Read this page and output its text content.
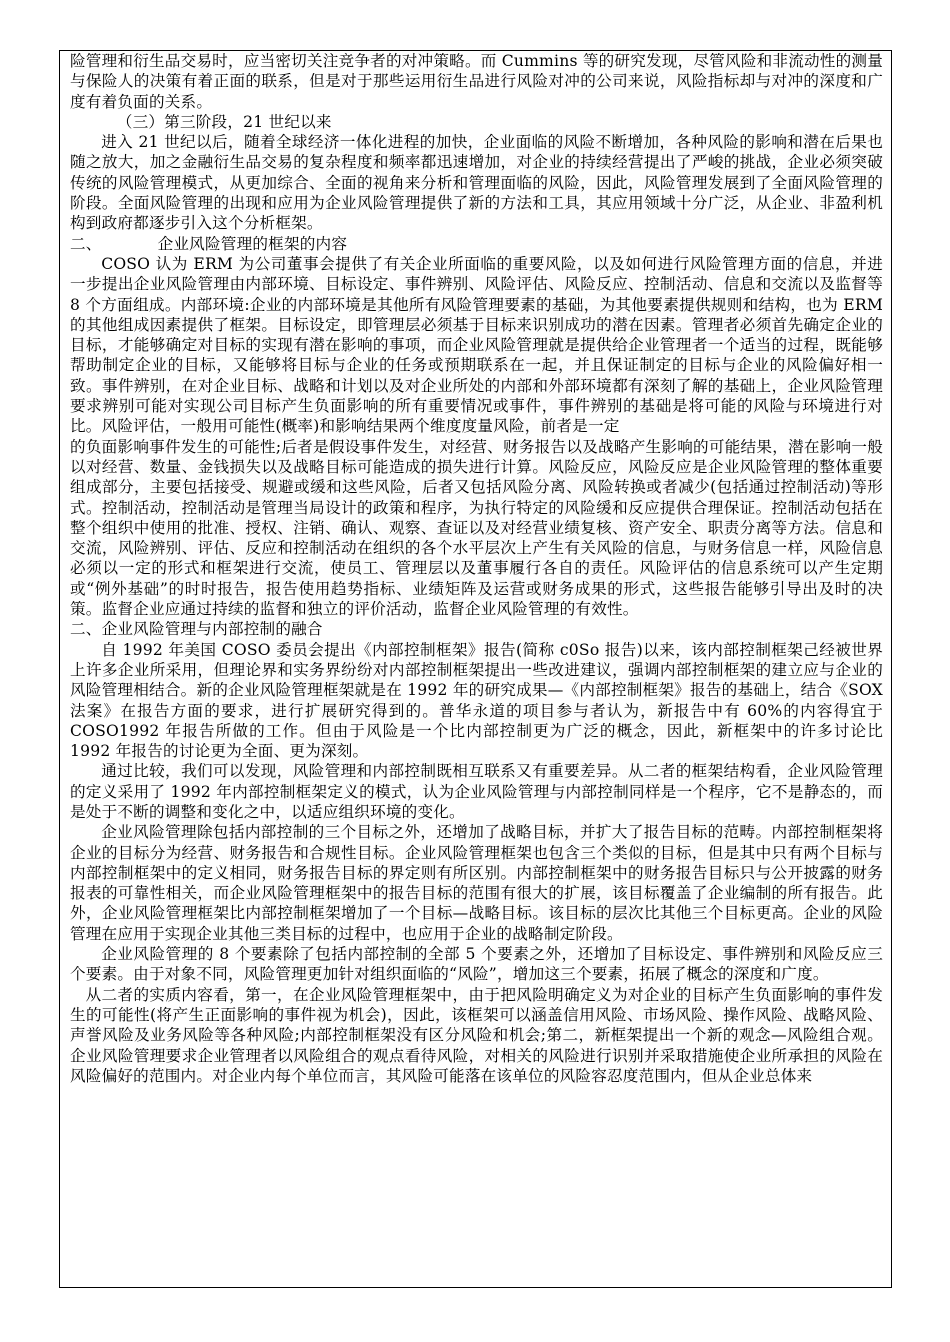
险管理和衍生品交易时，应当密切关注竞争者的对冲策略。而 Cummins 等的研究发现，尽管风险和非流动性的测量与保险人的决策有着正面的联系，但是对于那些运用衍生品进行风险对冲的公司来说，风险指标却与对冲的深度和广度有着负面的关系。

（三）第三阶段，21 世纪以来

进入 21 世纪以后，随着全球经济一体化进程的加快，企业面临的风险不断增加，各种风险的影响和潜在后果也随之放大，加之金融衍生品交易的复杂程度和频率都迅速增加，对企业的持续经营提出了严峻的挑战，企业必须突破传统的风险管理模式，从更加综合、全面的视角来分析和管理面临的风险，因此，风险管理发展到了全面风险管理的阶段。全面风险管理的出现和应用为企业风险管理提供了新的方法和工具，其应用领域十分广泛，从企业、非盈利机构到政府都逐步引入这个分析框架。

二、	企业风险管理的框架的内容

COSO 认为 ERM 为公司董事会提供了有关企业所面临的重要风险，以及如何进行风险管理方面的信息，并进一步提出企业风险管理由内部环境、目标设定、事件辨别、风险评估、风险反应、控制活动、信息和交流以及监督等 8 个方面组成。内部环境:企业的内部环境是其他所有风险管理要素的基础，为其他要素提供规则和结构，也为 ERM 的其他组成因素提供了框架。目标设定，即管理层必须基于目标来识别成功的潜在因素。管理者必须首先确定企业的目标，才能够确定对目标的实现有潜在影响的事项，而企业风险管理就是提供给企业管理者一个适当的过程，既能够帮助制定企业的目标，又能够将目标与企业的任务或预期联系在一起，并且保证制定的目标与企业的风险偏好相一致。事件辨别，在对企业目标、战略和计划以及对企业所处的内部和外部环境都有深刻了解的基础上，企业风险管理要求辨别可能对实现公司目标产生负面影响的所有重要情况或事件，事件辨别的基础是将可能的风险与环境进行对比。风险评估，一般用可能性(概率)和影响结果两个维度度量风险，前者是一定

的负面影响事件发生的可能性;后者是假设事件发生，对经营、财务报告以及战略产生影响的可能结果，潜在影响一般以对经营、数量、金钱损失以及战略目标可能造成的损失进行计算。风险反应，风险反应是企业风险管理的整体重要组成部分，主要包括接受、规避或缓和这些风险，后者又包括风险分离、风险转换或者减少(包括通过控制活动)等形式。控制活动，控制活动是管理当局设计的政策和程序，为执行特定的风险缓和反应提供合理保证。控制活动包括在整个组织中使用的批准、授权、注销、确认、观察、查证以及对经营业绩复核、资产安全、职责分离等方法。信息和交流，风险辨别、评估、反应和控制活动在组织的各个水平层次上产生有关风险的信息，与财务信息一样，风险信息必须以一定的形式和框架进行交流，使员工、管理层以及董事履行各自的责任。风险评估的信息系统可以产生定期或“例外基础”的时时报告，报告使用趋势指标、业绩矩阵及运营或财务成果的形式，这些报告能够引导出及时的决策。监督企业应通过持续的监督和独立的评价活动，监督企业风险管理的有效性。

二、企业风险管理与内部控制的融合

自 1992 年美国 COSO 委员会提出《内部控制框架》报告(简称 c0So 报告)以来，该内部控制框架己经被世界上许多企业所采用，但理论界和实务界纷纷对内部控制框架提出一些改进建议，强调内部控制框架的建立应与企业的风险管理相结合。新的企业风险管理框架就是在 1992 年的研究成果—《内部控制框架》报告的基础上，结合《SOX 法案》在报告方面的要求，进行扩展研究得到的。普华永道的项目参与者认为，新报告中有 60%的内容得宜于 COSO1992 年报告所做的工作。但由于风险是一个比内部控制更为广泛的概念，因此，新框架中的许多讨论比 1992 年报告的讨论更为全面、更为深刻。

通过比较，我们可以发现，风险管理和内部控制既相互联系又有重要差异。从二者的框架结构看，企业风险管理的定义采用了 1992 年内部控制框架定义的模式，认为企业风险管理与内部控制同样是一个程序，它不是静态的，而是处于不断的调整和变化之中，以适应组织环境的变化。

企业风险管理除包括内部控制的三个目标之外，还增加了战略目标，并扩大了报告目标的范畴。内部控制框架将企业的目标分为经营、财务报告和合规性目标。企业风险管理框架也包含三个类似的目标，但是其中只有两个目标与内部控制框架中的定义相同，财务报告目标的界定则有所区别。内部控制框架中的财务报告目标只与公开披露的财务报表的可靠性相关，而企业风险管理框架中的报告目标的范围有很大的扩展，该目标覆盖了企业编制的所有报告。此外，企业风险管理框架比内部控制框架增加了一个目标—战略目标。该目标的层次比其他三个目标更高。企业的风险管理在应用于实现企业其他三类目标的过程中，也应用于企业的战略制定阶段。

企业风险管理的 8 个要素除了包括内部控制的全部 5 个要素之外，还增加了目标设定、事件辨别和风险反应三个要素。由于对象不同，风险管理更加针对组织面临的“风险”，增加这三个要素，拓展了概念的深度和广度。

从二者的实质内容看，第一，在企业风险管理框架中，由于把风险明确定义为对企业的目标产生负面影响的事件发生的可能性(将产生正面影响的事件视为机会)，因此，该框架可以涵盖信用风险、市场风险、操作风险、战略风险、声誉风险及业务风险等各种风险;内部控制框架没有区分风险和机会;第二，新框架提出一个新的观念—风险组合观。企业风险管理要求企业管理者以风险组合的观点看待风险，对相关的风险进行识别并采取措施使企业所承担的风险在风险偏好的范围内。对企业内每个单位而言，其风险可能落在该单位的风险容忍度范围内，但从企业总体来
